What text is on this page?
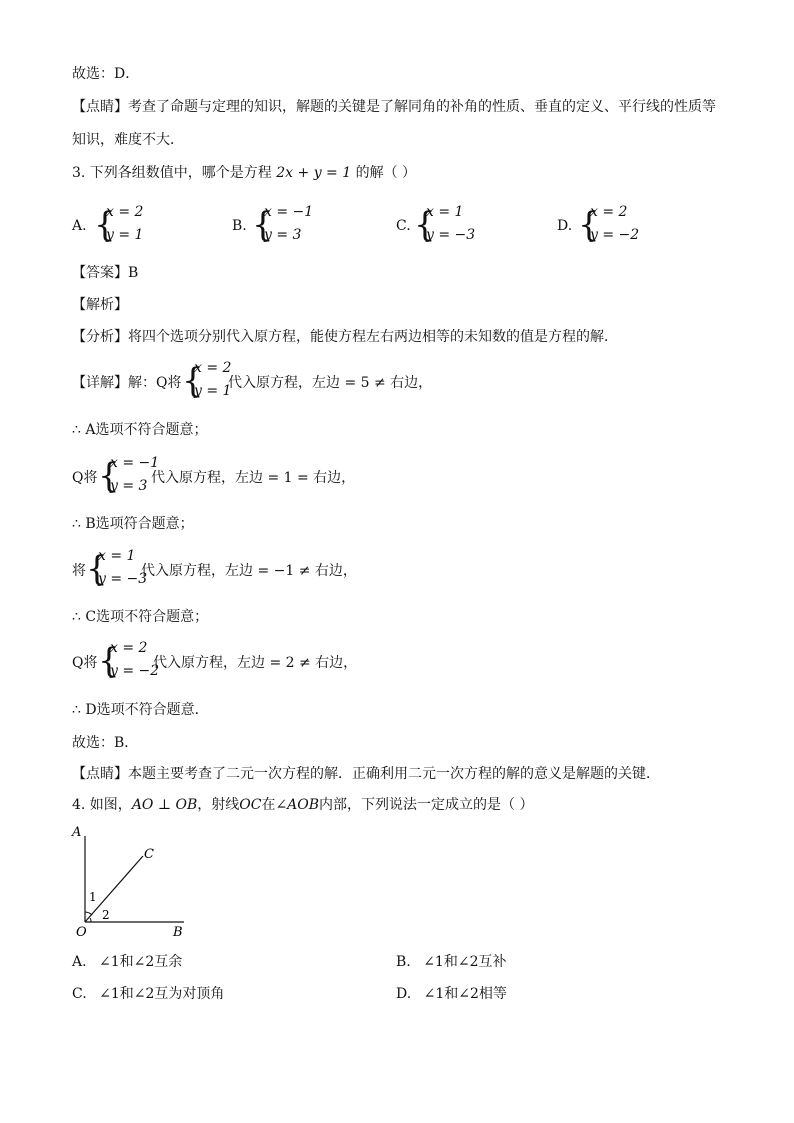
故选：D．
【点睛】考查了命题与定理的知识，解题的关键是了解同角的补角的性质、垂直的定义、平行线的性质等
知识，难度不大．
3. 下列各组数值中，哪个是方程 2x + y = 1 的解（ ）
A. {
x = 2
y = 1
B. {
x = −1
y = 3
C. {
x = 1
y = −3
D. {
x = 2
y = −2
【答案】B
【解析】
【分析】将四个选项分别代入原方程，能使方程左右两边相等的未知数的值是方程的解．
【详解】解：Q将 {
x = 2
y = 1
代入原方程，左边 = 5 ≠ 右边，
∴ A选项不符合题意；
Q将 {
x = −1
y = 3 代入原方程，左边 = 1 = 右边，
∴ B选项符合题意；
将 {
x = 1
y = −3
代入原方程，左边 = −1 ≠ 右边，
∴ C选项不符合题意；
Q将 {
x = 2
y = −2
代入原方程，左边 = 2 ≠ 右边，
∴ D选项不符合题意．
故选：B．
【点睛】本题主要考查了二元一次方程的解．正确利用二元一次方程的解的意义是解题的关键．
4. 如图，AO ⊥ OB，射线OC在∠AOB内部，下列说法一定成立的是（ ）
A
C
O	B
1
2
A. ∠1和∠2互余	B. ∠1和∠2互补
C. ∠1和∠2互为对顶角	D. ∠1和∠2相等
